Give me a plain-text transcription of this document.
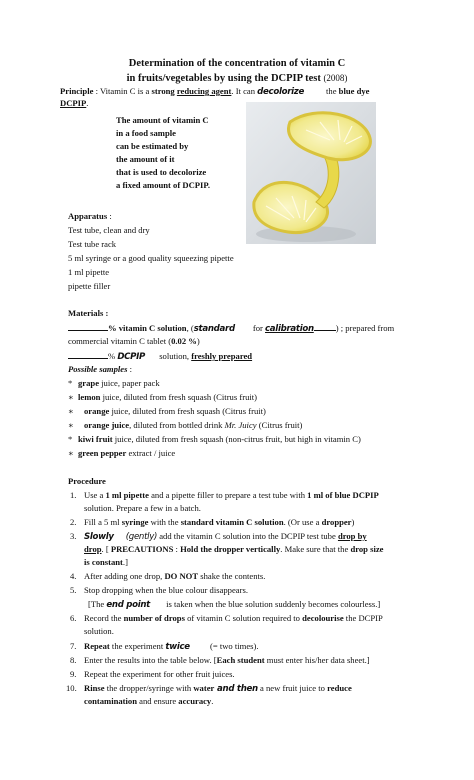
Determination of the concentration of vitamin C
in fruits/vegetables by using the DCPIP test (2008)
Principle : Vitamin C is a strong reducing agent. It can decolorize	the blue dye
DCPIP.
The amount of vitamin C
in a food sample
can be estimated by
the amount of it
that is used to decolorize
a fixed amount of DCPIP.
Apparatus :
Test tube, clean and dry
Test tube rack
5 ml syringe or a good quality squeezing pipette
1 ml pipette
pipette filler
Materials :
% vitamin C solution, (standard for calibration	) ; prepared from
commercial vitamin C tablet (0.02 %)
% DCPIP solution, freshly prepared
Possible samples :
* grape juice, paper pack
∗ lemon juice, diluted from fresh squash (Citrus fruit)
∗ orange juice, diluted from fresh squash (Citrus fruit)
∗ orange juice, diluted from bottled drink Mr. Juicy (Citrus fruit)
* kiwi fruit juice, diluted from fresh squash (non-citrus fruit, but high in vitamin C)
∗ green pepper extract / juice
Procedure
1. Use a 1 ml pipette and a pipette filler to prepare a test tube with 1 ml of blue DCPIP
solution. Prepare a few in a batch.
2. Fill a 5 ml syringe with the standard vitamin C solution. (Or use a dropper)
3. Slowly (gently) add the vitamin C solution into the DCPIP test tube drop by
drop. [ PRECAUTIONS : Hold the dropper vertically. Make sure that the drop size
is constant.]
4. After adding one drop, DO NOT shake the contents.
5. Stop dropping when the blue colour disappears.
[The end point is taken when the blue solution suddenly becomes colourless.]
6. Record the number of drops of vitamin C solution required to decolourise the DCPIP
solution.
7. Repeat the experiment twice (= two times).
8. Enter the results into the table below. [Each student must enter his/her data sheet.]
9. Repeat the experiment for other fruit juices.
10. Rinse the dropper/syringe with water and then a new fruit juice to reduce
contamination and ensure accuracy.
